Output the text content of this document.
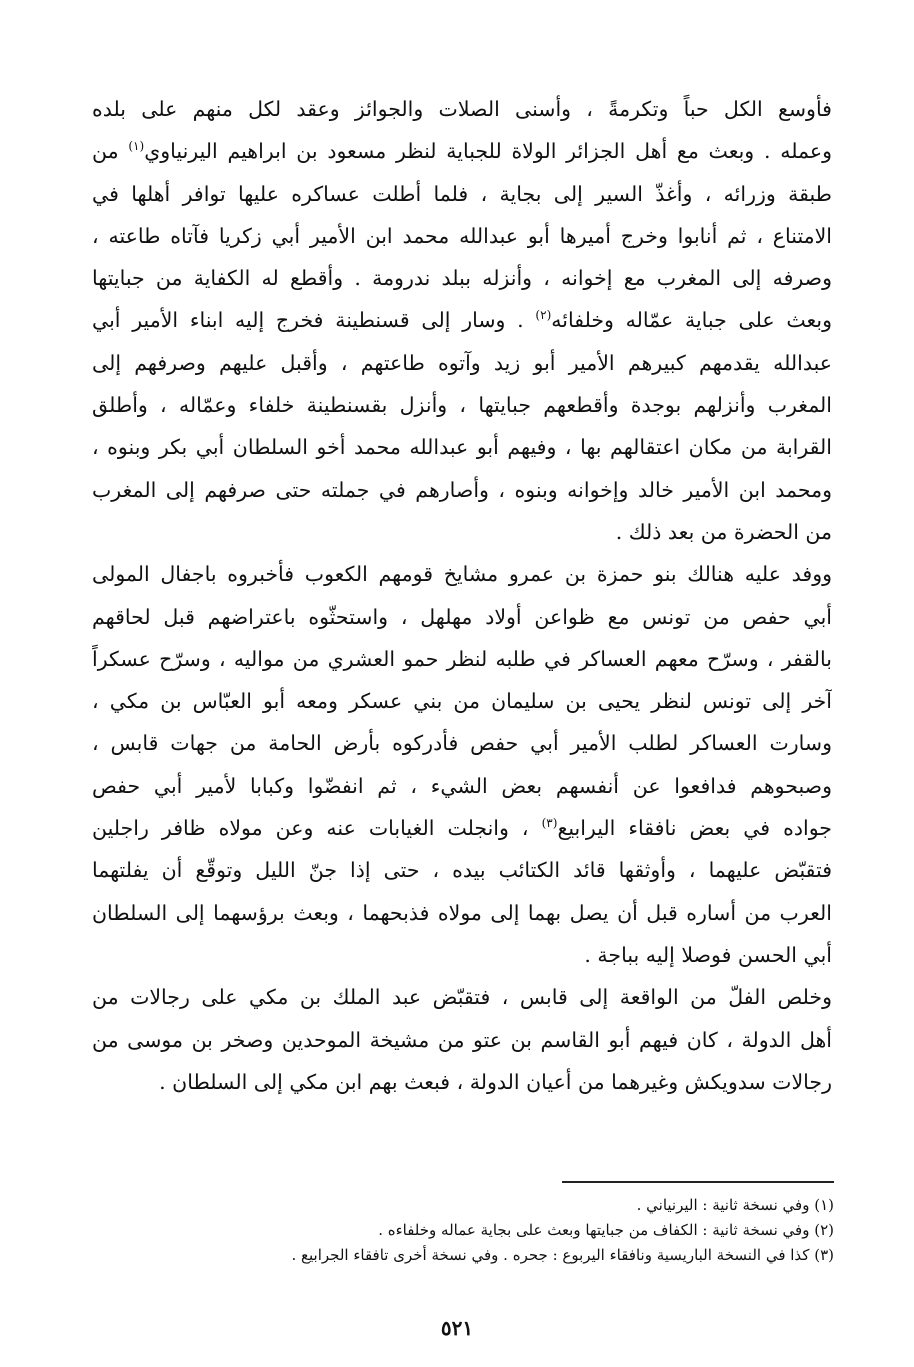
فأوسع الكل حباً وتكرمةً ، وأسنى الصلات والجوائز وعقد لكل منهم على بلده
وعمله . وبعث مع أهل الجزائر الولاة للجباية لنظر مسعود بن ابراهيم اليرنياوي$^{(١)}$ من
طبقة وزرائه ، وأغذّ السير إلى بجاية ، فلما أطلت عساكره عليها توافر أهلها في
الامتناع ، ثم أنابوا وخرج أميرها أبو عبدالله محمد ابن الأمير أبي زكريا فآتاه طاعته ،
وصرفه إلى المغرب مع إخوانه ، وأنزله ببلد ندرومة . وأقطع له الكفاية من جبايتها
وبعث على جباية عمّاله وخلفائه$^{(٢)}$ . وسار إلى قسنطينة فخرج إليه ابناء الأمير أبي
عبدالله يقدمهم كبيرهم الأمير أبو زيد وآتوه طاعتهم ، وأقبل عليهم وصرفهم إلى
المغرب وأنزلهم بوجدة وأقطعهم جبايتها ، وأنزل بقسنطينة خلفاء وعمّاله ، وأطلق
القرابة من مكان اعتقالهم بها ، وفيهم أبو عبدالله محمد أخو السلطان أبي بكر وبنوه ،
ومحمد ابن الأمير خالد وإخوانه وبنوه ، وأصارهم في جملته حتى صرفهم إلى المغرب
من الحضرة من بعد ذلك .
ووفد عليه هنالك بنو حمزة بن عمرو مشايخ قومهم الكعوب فأخبروه باجفال المولى
أبي حفص من تونس مع ظواعن أولاد مهلهل ، واستحثّوه باعتراضهم قبل لحاقهم
بالقفر ، وسرّح معهم العساكر في طلبه لنظر حمو العشري من مواليه ، وسرّح عسكراً
آخر إلى تونس لنظر يحيى بن سليمان من بني عسكر ومعه أبو العبّاس بن مكي ،
وسارت العساكر لطلب الأمير أبي حفص فأدركوه بأرض الحامة من جهات قابس ،
وصبحوهم فدافعوا عن أنفسهم بعض الشيء ، ثم انفضّوا وكبابا لأمير أبي حفص
جواده في بعض نافقاء اليرابيع$^{(٣)}$ ، وانجلت الغيابات عنه وعن مولاه ظافر راجلين
فتقبّض عليهما ، وأوثقها قائد الكتائب بيده ، حتى إذا جنّ الليل وتوقّع أن يفلتهما
العرب من أساره قبل أن يصل بهما إلى مولاه فذبحهما ، وبعث برؤسهما إلى السلطان
أبي الحسن فوصلا إليه بباجة .
وخلص الفلّ من الواقعة إلى قابس ، فتقبّض عبد الملك بن مكي على رجالات من
أهل الدولة ، كان فيهم أبو القاسم بن عتو من مشيخة الموحدين وصخر بن موسى من
رجالات سدويكش وغيرهما من أعيان الدولة ، فبعث بهم ابن مكي إلى السلطان .
(١) وفي نسخة ثانية : اليرنياني .
(٢) وفي نسخة ثانية : الكفاف من جبايتها وبعث على بجاية عماله وخلفاءه .
(٣) كذا في النسخة الباريسية ونافقاء اليربوع : جحره . وفي نسخة أخرى تافقاء الجرابيع .
٥٢١
